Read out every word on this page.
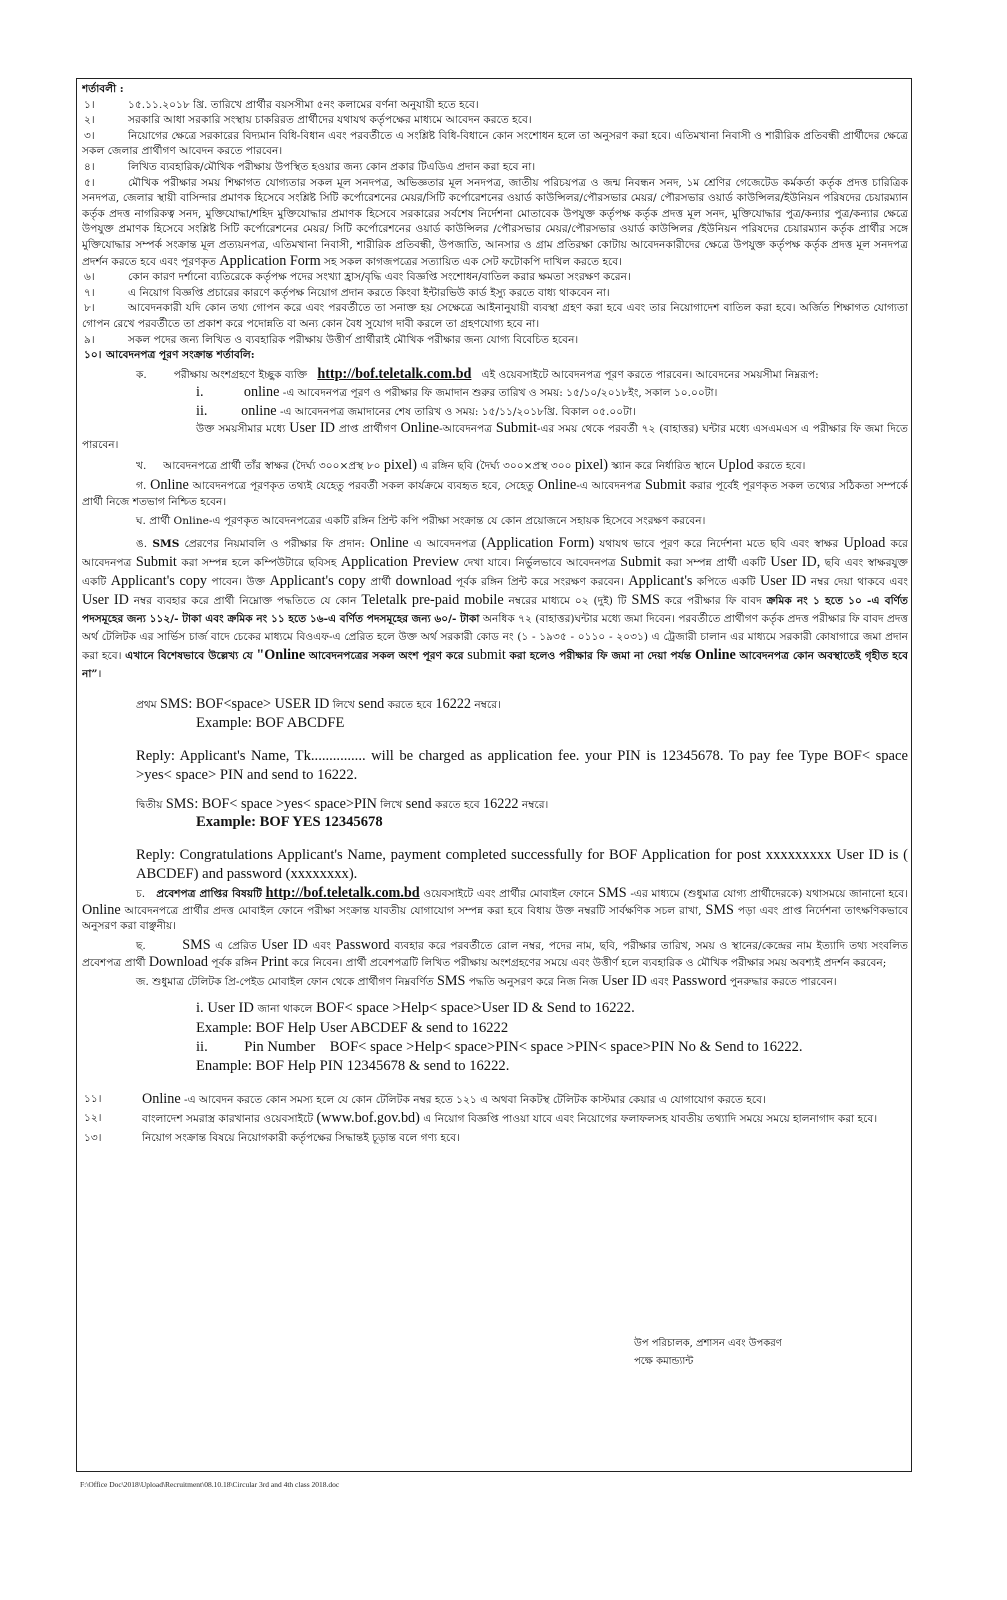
শর্তাবলী :

১।	১৫.১১.২০১৮ খ্রি. তারিখে প্রার্থীর বয়সসীমা ৫নং কলামের বর্ণনা অনুযায়ী হতে হবে।
২।	সরকারি আধা সরকারি সংস্থায় চাকরিরত প্রার্থীদের যথাযথ কর্তৃপক্ষের মাধ্যমে আবেদন করতে হবে।
৩।	নিয়োগের ক্ষেত্রে সরকারের বিদ্যমান বিধি-বিধান এবং পরবর্তীতে এ সংশ্লিষ্ট বিধি-বিধানে কোন সংশোধন হলে তা অনুসরণ করা হবে। এতিমখানা নিবাসী ও শারীরিক প্রতিবন্ধী প্রার্থীদের ক্ষেত্রে সকল জেলার প্রার্থীগণ আবেদন করতে পারবেন।
৪।	লিখিত ব্যবহারিক/মৌখিক পরীক্ষায় উপস্থিত হওয়ার জন্য কোন প্রকার টিএডিএ প্রদান করা হবে না।
৫।	মৌখিক পরীক্ষার সময় শিক্ষাগত যোগ্যতার সকল মূল সনদপত্র, অভিজ্ঞতার মূল সনদপত্র, জাতীয় পরিচয়পত্র ও জন্ম নিবন্ধন সনদ, ১ম শ্রেণির গেজেটেড কর্মকর্তা কর্তৃক প্রদত্ত চারিত্রিক সনদপত্র, জেলার স্থায়ী বাসিন্দার প্রমাণক হিসেবে সংশ্লিষ্ট সিটি কর্পোরেশনের মেয়র/সিটি কর্পোরেশনের ওয়ার্ড কাউন্সিলর/পৌরসভার মেয়র/ পৌরসভার ওয়ার্ড কাউন্সিলর/ইউনিয়ন পরিষদের চেয়ারম্যান কর্তৃক প্রদত্ত নাগরিকত্ব সনদ, মুক্তিযোদ্ধা/শহিদ মুক্তিযোদ্ধার প্রমাণক হিসেবে সরকারের সর্বশেষ নির্দেশনা মোতাবেক উপযুক্ত কর্তৃপক্ষ কর্তৃক প্রদত্ত মূল সনদ, মুক্তিযোদ্ধার পুত্র/কন্যার পুত্র/কন্যার ক্ষেত্রে উপযুক্ত প্রমাণক হিসেবে সংশ্লিষ্ট সিটি কর্পোরেশনের মেয়র/ সিটি কর্পোরেশনের ওয়ার্ড কাউন্সিলর /পৌরসভার মেয়র/পৌরসভার ওয়ার্ড কাউন্সিলর /ইউনিয়ন পরিষদের চেয়ারম্যান কর্তৃক প্রার্থীর সঙ্গে মুক্তিযোদ্ধার সম্পর্ক সংক্রান্ত মূল প্রত্যয়নপত্র, এতিমখানা নিবাসী, শারীরিক প্রতিবন্ধী, উপজাতি, আনসার ও গ্রাম প্রতিরক্ষা কোটায় আবেদনকারীদের ক্ষেত্রে উপযুক্ত কর্তৃপক্ষ কর্তৃক প্রদত্ত মূল সনদপত্র প্রদর্শন করতে হবে এবং পূরণকৃত Application Form সহ সকল কাগজপত্রের সত্যায়িত এক সেট ফটোকপি দাখিল করতে হবে।
৬।	কোন কারণ দর্শানো ব্যতিরেকে কর্তৃপক্ষ পদের সংখ্যা হ্রাস/বৃদ্ধি এবং বিজ্ঞপ্তি সংশোধন/বাতিল করার ক্ষমতা সংরক্ষণ করেন।
৭।	এ নিয়োগ বিজ্ঞপ্তি প্রচারের কারণে কর্তৃপক্ষ নিয়োগ প্রদান করতে কিংবা ইন্টারভিউ কার্ড ইস্যু করতে বাধ্য থাকবেন না।
৮।	আবেদনকারী যদি কোন তথ্য গোপন করে এবং পরবর্তীতে তা সনাক্ত হয় সেক্ষেত্রে আইনানুযায়ী ব্যবস্থা গ্রহণ করা হবে এবং তার নিয়োগাদেশ বাতিল করা হবে। অর্জিত শিক্ষাগত যোগ্যতা গোপন রেখে পরবর্তীতে তা প্রকাশ করে পদোন্নতি বা অন্য কোন বৈধ সুযোগ দাবী করলে তা গ্রহণযোগ্য হবে না।
৯।	সকল পদের জন্য লিখিত ও ব্যবহারিক পরীক্ষায় উত্তীর্ণ প্রার্থীরাই মৌখিক পরীক্ষার জন্য যোগ্য বিবেচিত হবেন।
১০। আবেদনপত্র পূরণ সংক্রান্ত শর্তাবলি:

ক.	পরীক্ষায় অংশগ্রহণে ইচ্ছুক ব্যক্তি http://bof.teletalk.com.bd এই ওয়েবসাইটে আবেদনপত্র পূরণ করতে পারবেন। আবেদনের সময়সীমা নিম্নরূপ:

i.	online -এ আবেদনপত্র পূরণ ও পরীক্ষার ফি জমাদান শুরুর তারিখ ও সময়: ১৫/১০/২০১৮ইং, সকাল ১০.০০টা।

ii. online -এ আবেদনপত্র জমাদানের শেষ তারিখ ও সময়: ১৫/১১/২০১৮খ্রি. বিকাল ০৫.০০টা।

উক্ত সময়সীমার মধ্যে User ID প্রাপ্ত প্রার্থীগণ Online-আবেদনপত্র Submit-এর সময় থেকে পরবর্তী ৭২ (বাহাত্তর) ঘন্টার মধ্যে এসএমএস এ পরীক্ষার ফি জমা দিতে পারবেন।

খ. আবেদনপত্রে প্রার্থী তাঁর স্বাক্ষর (দৈর্ঘ্য ৩০০×প্রস্থ ৮০ pixel) এ রঙ্গিন ছবি (দৈর্ঘ্য ৩০০×প্রস্থ ৩০০ pixel) স্ক্যান করে নির্ধারিত স্থানে Uplod করতে হবে।

গ. Online আবেদনপত্রে পূরণকৃত তথ্যই যেহেতু পরবর্তী সকল কার্যক্রমে ব্যবহৃত হবে, সেহেতু Online-এ আবেদনপত্র Submit করার পূর্বেই পূরণকৃত সকল তথ্যের সঠিকতা সম্পর্কে প্রার্থী নিজে শতভাগ নিশ্চিত হবেন।

ঘ. প্রার্থী Online-এ পূরণকৃত আবেদনপত্রের একটি রঙ্গিন প্রিন্ট কপি পরীক্ষা সংক্রান্ত যে কোন প্রয়োজনে সহায়ক হিসেবে সংরক্ষণ করবেন।

ঙ. SMS প্রেরণের নিয়মাবলি ও পরীক্ষার ফি প্রদান: Online এ আবেদনপত্র (Application Form) যথাযথ ভাবে পূরণ করে নির্দেশনা মতে ছবি এবং স্বাক্ষর Upload করে আবেদনপত্র Submit করা সম্পন্ন হলে কম্পিউটারে ছবিসহ Application Preview দেখা যাবে। নির্ভুলভাবে আবেদনপত্র Submit করা সম্পন্ন প্রার্থী একটি User ID, ছবি এবং স্বাক্ষরযুক্ত একটি Applicant's copy পাবেন। উক্ত Applicant's copy প্রার্থী download পূর্বক রঙ্গিন প্রিন্ট করে সংরক্ষণ করবেন। Applicant's কপিতে একটি User ID নম্বর দেয়া থাকবে এবং User ID নম্বর ব্যবহার করে প্রার্থী নিম্নোক্ত পদ্ধতিতে যে কোন Teletalk pre-paid mobile নম্বরের মাধ্যমে ০২ (দুই) টি SMS করে পরীক্ষার ফি বাবদ ক্রমিক নং ১ হতে ১০ -এ বর্ণিত পদসমূহের জন্য ১১২/- টাকা এবং ক্রমিক নং ১১ হতে ১৬-এ বর্ণিত পদসমূহের জন্য ৬০/- টাকা অনধিক ৭২ (বাহাত্তর)ঘন্টার মধ্যে জমা দিবেন। পরবর্তীতে প্রার্থীগণ কর্তৃক প্রদত্ত পরীক্ষার ফি বাবদ প্রদত্ত অর্থ টেলিটক এর সার্ভিস চার্জ বাদে চেকের মাধ্যমে বিওএফ-এ প্রেরিত হলে উক্ত অর্থ সরকারী কোড নং (১ - ১৯৩৫ - ০১১০ - ২০৩১) এ ট্রেজারী চালান এর মাধ্যমে সরকারী কোষাগারে জমা প্রদান করা হবে। এখানে বিশেষভাবে উল্লেখ্য যে "Online আবেদনপত্রের সকল অংশ পূরণ করে submit করা হলেও পরীক্ষার ফি জমা না দেয়া পর্যন্ত Online আবেদনপত্র কোন অবস্থাতেই গৃহীত হবে না”।

প্রথম SMS: BOF<space> USER ID লিখে send করতে হবে 16222 নম্বরে।

Example: BOF ABCDFE

Reply: Applicant's Name, Tk............... will be charged as application fee. your PIN is 12345678. To pay fee Type BOF< space >yes< space> PIN and send to 16222.

দ্বিতীয় SMS: BOF< space >yes< space>PIN লিখে send করতে হবে 16222 নম্বরে।

Example: BOF YES 12345678

Reply: Congratulations Applicant's Name, payment completed successfully for BOF Application for post xxxxxxxxx User ID is ( ABCDEF) and password (xxxxxxxx).

চ. প্রবেশপত্র প্রাপ্তির বিষয়টি http://bof.teletalk.com.bd ওয়েবসাইটে এবং প্রার্থীর মোবাইল ফোনে SMS -এর মাধ্যমে (শুধুমাত্র যোগ্য প্রার্থীদেরকে) যথাসময়ে জানানো হবে। Online আবেদনপত্রে প্রার্থীর প্রদত্ত মোবাইল ফোনে পরীক্ষা সংক্রান্ত যাবতীয় যোগাযোগ সম্পন্ন করা হবে বিধায় উক্ত নম্বরটি সার্বক্ষণিক সচল রাখা, SMS পড়া এবং প্রাপ্ত নির্দেশনা তাৎক্ষণিকভাবে অনুসরণ করা বাঞ্ছনীয়।

ছ.	SMS এ প্রেরিত User ID এবং Password ব্যবহার করে পরবর্তীতে রোল নম্বর, পদের নাম, ছবি, পরীক্ষার তারিখ, সময় ও স্থানের/কেন্দ্রের নাম ইত্যাদি তথ্য সংবলিত প্রবেশপত্র প্রার্থী Download পূর্বক রঙ্গিন Print করে নিবেন। প্রার্থী প্রবেশপত্রটি লিখিত পরীক্ষায় অংশগ্রহণের সময়ে এবং উত্তীর্ণ হলে ব্যবহারিক ও মৌখিক পরীক্ষার সময় অবশ্যই প্রদর্শন করবেন;

জ. শুধুমাত্র টেলিটক প্রি-পেইড মোবাইল ফোন থেকে প্রার্থীগণ নিম্নবর্ণিত SMS পদ্ধতি অনুসরণ করে নিজ নিজ User ID এবং Password পুনরুদ্ধার করতে পারবেন।

i. User ID জানা থাকলে BOF< space >Help< space>User ID & Send to 16222.

Example: BOF Help User ABCDEF & send to 16222

ii. Pin Number BOF< space >Help< space>PIN< space >PIN< space>PIN No & Send to 16222.

Enample: BOF Help PIN 12345678 & send to 16222.

১১।	Online -এ আবেদন করতে কোন সমস্য হলে যে কোন টেলিটক নম্বর হতে ১২১ এ অথবা নিকটস্থ টেলিটক কাস্টমার কেয়ার এ যোগাযোগ করতে হবে।
১২।	বাংলাদেশ সমরাস্ত্র কারখানার ওয়েবসাইটে (www.bof.gov.bd) এ নিয়োগ বিজ্ঞপ্তি পাওয়া যাবে এবং নিয়োগের ফলাফলসহ যাবতীয় তথ্যাদি সময়ে সময়ে হালনাগাদ করা হবে।
১৩।	নিয়োগ সংক্রান্ত বিষয়ে নিয়োগকারী কর্তৃপক্ষের সিদ্ধান্তই চূড়ান্ত বলে গণ্য হবে।
উপ পরিচালক, প্রশাসন এবং উপকরণ
পক্ষে কমান্ড্যান্ট
F:\Office Doc\2018\Upload\Recruitment\08.10.18\Circular 3rd and 4th class 2018.doc
